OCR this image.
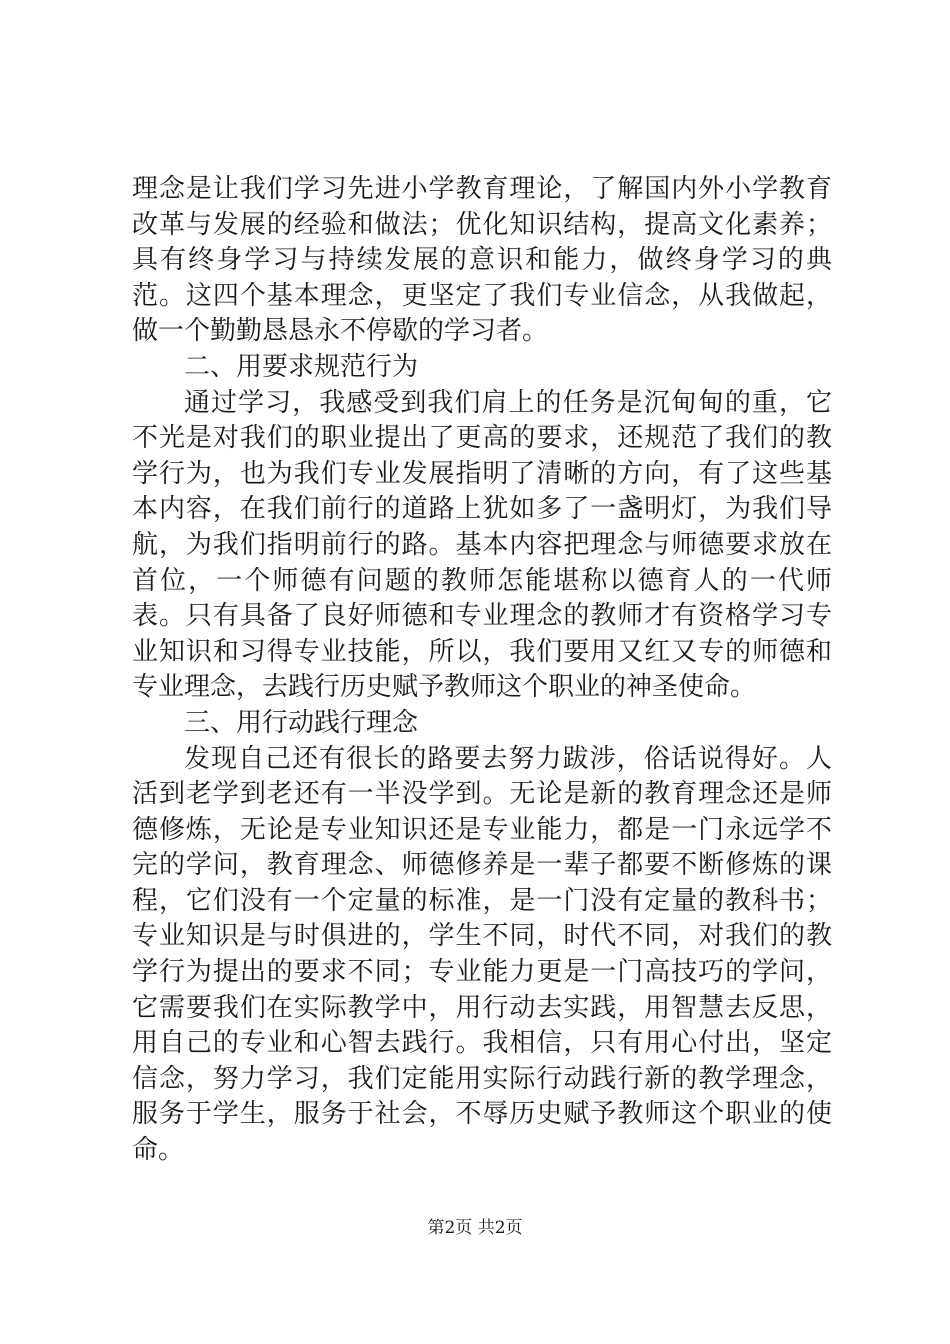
理念是让我们学习先进小学教育理论，了解国内外小学教育改革与发展的经验和做法；优化知识结构，提高文化素养；具有终身学习与持续发展的意识和能力，做终身学习的典范。这四个基本理念，更坚定了我们专业信念，从我做起，做一个勤勤恳恳永不停歇的学习者。

二、用要求规范行为

通过学习，我感受到我们肩上的任务是沉甸甸的重，它不光是对我们的职业提出了更高的要求，还规范了我们的教学行为，也为我们专业发展指明了清晰的方向，有了这些基本内容，在我们前行的道路上犹如多了一盏明灯，为我们导航，为我们指明前行的路。基本内容把理念与师德要求放在首位，一个师德有问题的教师怎能堪称以德育人的一代师表。只有具备了良好师德和专业理念的教师才有资格学习专业知识和习得专业技能，所以，我们要用又红又专的师德和专业理念，去践行历史赋予教师这个职业的神圣使命。

三、用行动践行理念

发现自己还有很长的路要去努力跋涉，俗话说得好。人活到老学到老还有一半没学到。无论是新的教育理念还是师德修炼，无论是专业知识还是专业能力，都是一门永远学不完的学问，教育理念、师德修养是一辈子都要不断修炼的课程，它们没有一个定量的标准，是一门没有定量的教科书；专业知识是与时俱进的，学生不同，时代不同，对我们的教学行为提出的要求不同；专业能力更是一门高技巧的学问，它需要我们在实际教学中，用行动去实践，用智慧去反思，用自己的专业和心智去践行。我相信，只有用心付出，坚定信念，努力学习，我们定能用实际行动践行新的教学理念，服务于学生，服务于社会，不辱历史赋予教师这个职业的使命。

第2页 共2页
